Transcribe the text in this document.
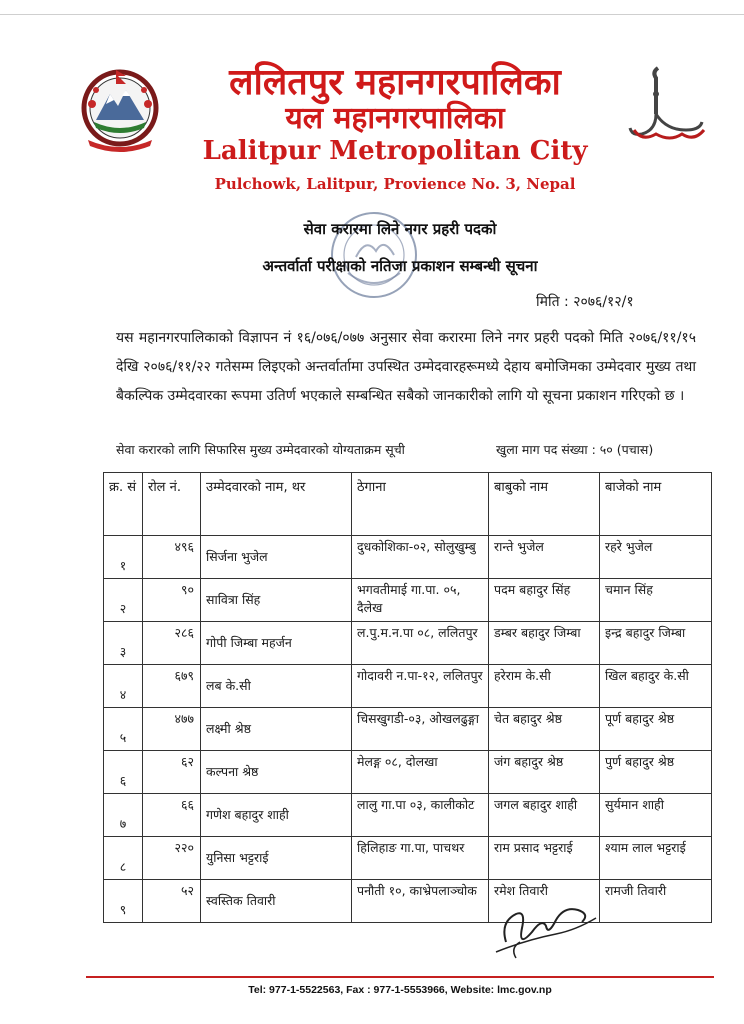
ललितपुर महानगरपालिका
यल महानगरपालिका
Lalitpur Metropolitan City
Pulchowk, Lalitpur, Provience No. 3, Nepal
सेवा करारमा लिने नगर प्रहरी पदको
अन्तर्वार्ता परीक्षाको नतिजा प्रकाशन सम्बन्धी सूचना
मिति : २०७६/१२/१
यस महानगरपालिकाको विज्ञापन नं १६/०७६/०७७ अनुसार सेवा करारमा लिने नगर प्रहरी पदको मिति २०७६/११/१५ देखि २०७६/११/२२ गतेसम्म लिइएको अन्तर्वार्तामा उपस्थित उम्मेदवारहरूमध्ये देहाय बमोजिमका उम्मेदवार मुख्य तथा बैकल्पिक उम्मेदवारका रूपमा उतिर्ण भएकाले सम्बन्धित सबैको जानकारीको लागि यो सूचना प्रकाशन गरिएको छ ।
सेवा करारको लागि सिफारिस मुख्य उम्मेदवारको योग्यताक्रम सूची	खुला माग पद संख्या : ५० (पचास)
क्र. सं	रोल नं.	उम्मेदवारको नाम, थर	ठेगाना	बाबुको नाम	बाजेको नाम
१	४९६	सिर्जना भुजेल	दुधकोशिका-०२, सोलुखुम्बु	रान्ते भुजेल	रहरे भुजेल
२	९०	सावित्रा सिंह	भगवतीमाई गा.पा. ०५, दैलेख	पदम बहादुर सिंह	चमान सिंह
३	२८६	गोपी जिम्बा महर्जन	ल.पु.म.न.पा ०८, ललितपुर	डम्बर बहादुर जिम्बा	इन्द्र बहादुर जिम्बा
४	६७९	लब के.सी	गोदावरी न.पा-१२, ललितपुर	हरेराम के.सी	खिल बहादुर के.सी
५	४७७	लक्ष्मी श्रेष्ठ	चिसखुगडी-०३, ओखलढुङ्गा	चेत बहादुर श्रेष्ठ	पूर्ण बहादुर श्रेष्ठ
६	६२	कल्पना श्रेष्ठ	मेलङ्ग ०८, दोलखा	जंग बहादुर श्रेष्ठ	पुर्ण बहादुर श्रेष्ठ
७	६६	गणेश बहादुर शाही	लालु गा.पा ०३, कालीकोट	जगल बहादुर शाही	सुर्यमान शाही
८	२२०	युनिसा भट्टराई	हिलिहाङ गा.पा, पाचथर	राम प्रसाद भट्टराई	श्याम लाल भट्टराई
९	५२	स्वस्तिक तिवारी	पनौती १०, काभ्रेपलाञ्चोक	रमेश तिवारी	रामजी तिवारी
Tel: 977-1-5522563, Fax : 977-1-5553966, Website: lmc.gov.np
